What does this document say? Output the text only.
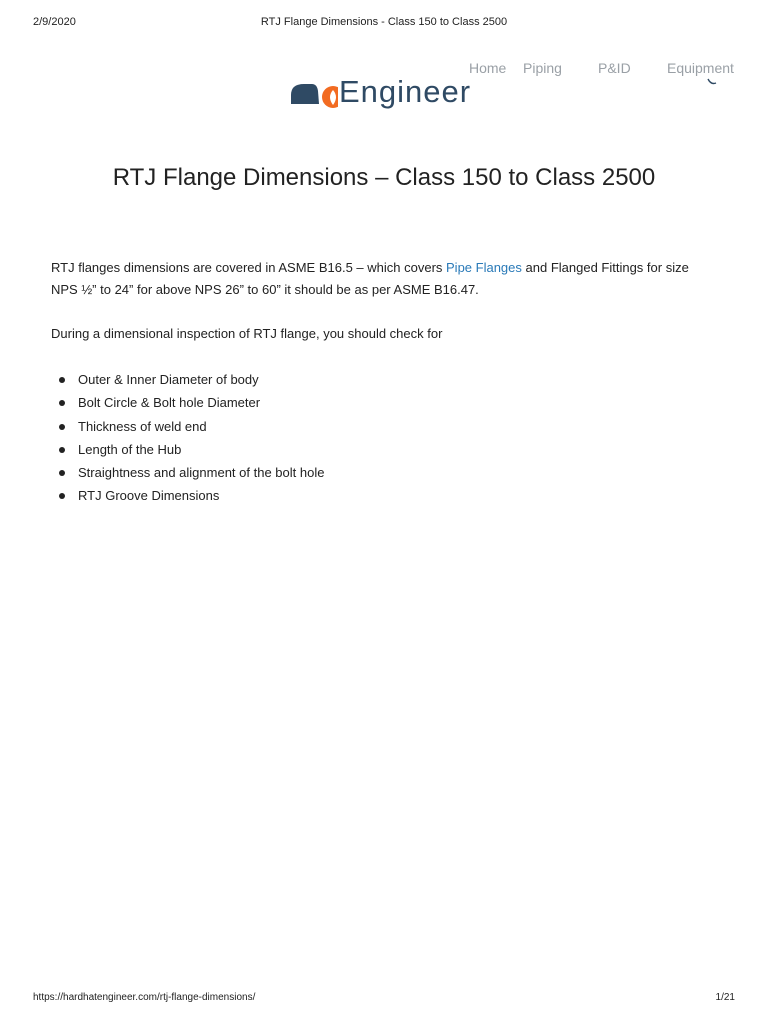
2/9/2020	RTJ Flange Dimensions - Class 150 to Class 2500
Home Piping	P&ID	Equipment
Engineer
RTJ Flange Dimensions – Class 150 to Class 2500

RTJ flanges dimensions are covered in ASME B16.5 – which covers Pipe Flanges and Flanged Fittings for size
NPS ½” to 24” for above NPS 26” to 60” it should be as per ASME B16.47.

During a dimensional inspection of RTJ flange, you should check for

Outer & Inner Diameter of body
Bolt Circle & Bolt hole Diameter
Thickness of weld end
Length of the Hub
Straightness and alignment of the bolt hole
RTJ Groove Dimensions
https://hardhatengineer.com/rtj-flange-dimensions/	1/21
